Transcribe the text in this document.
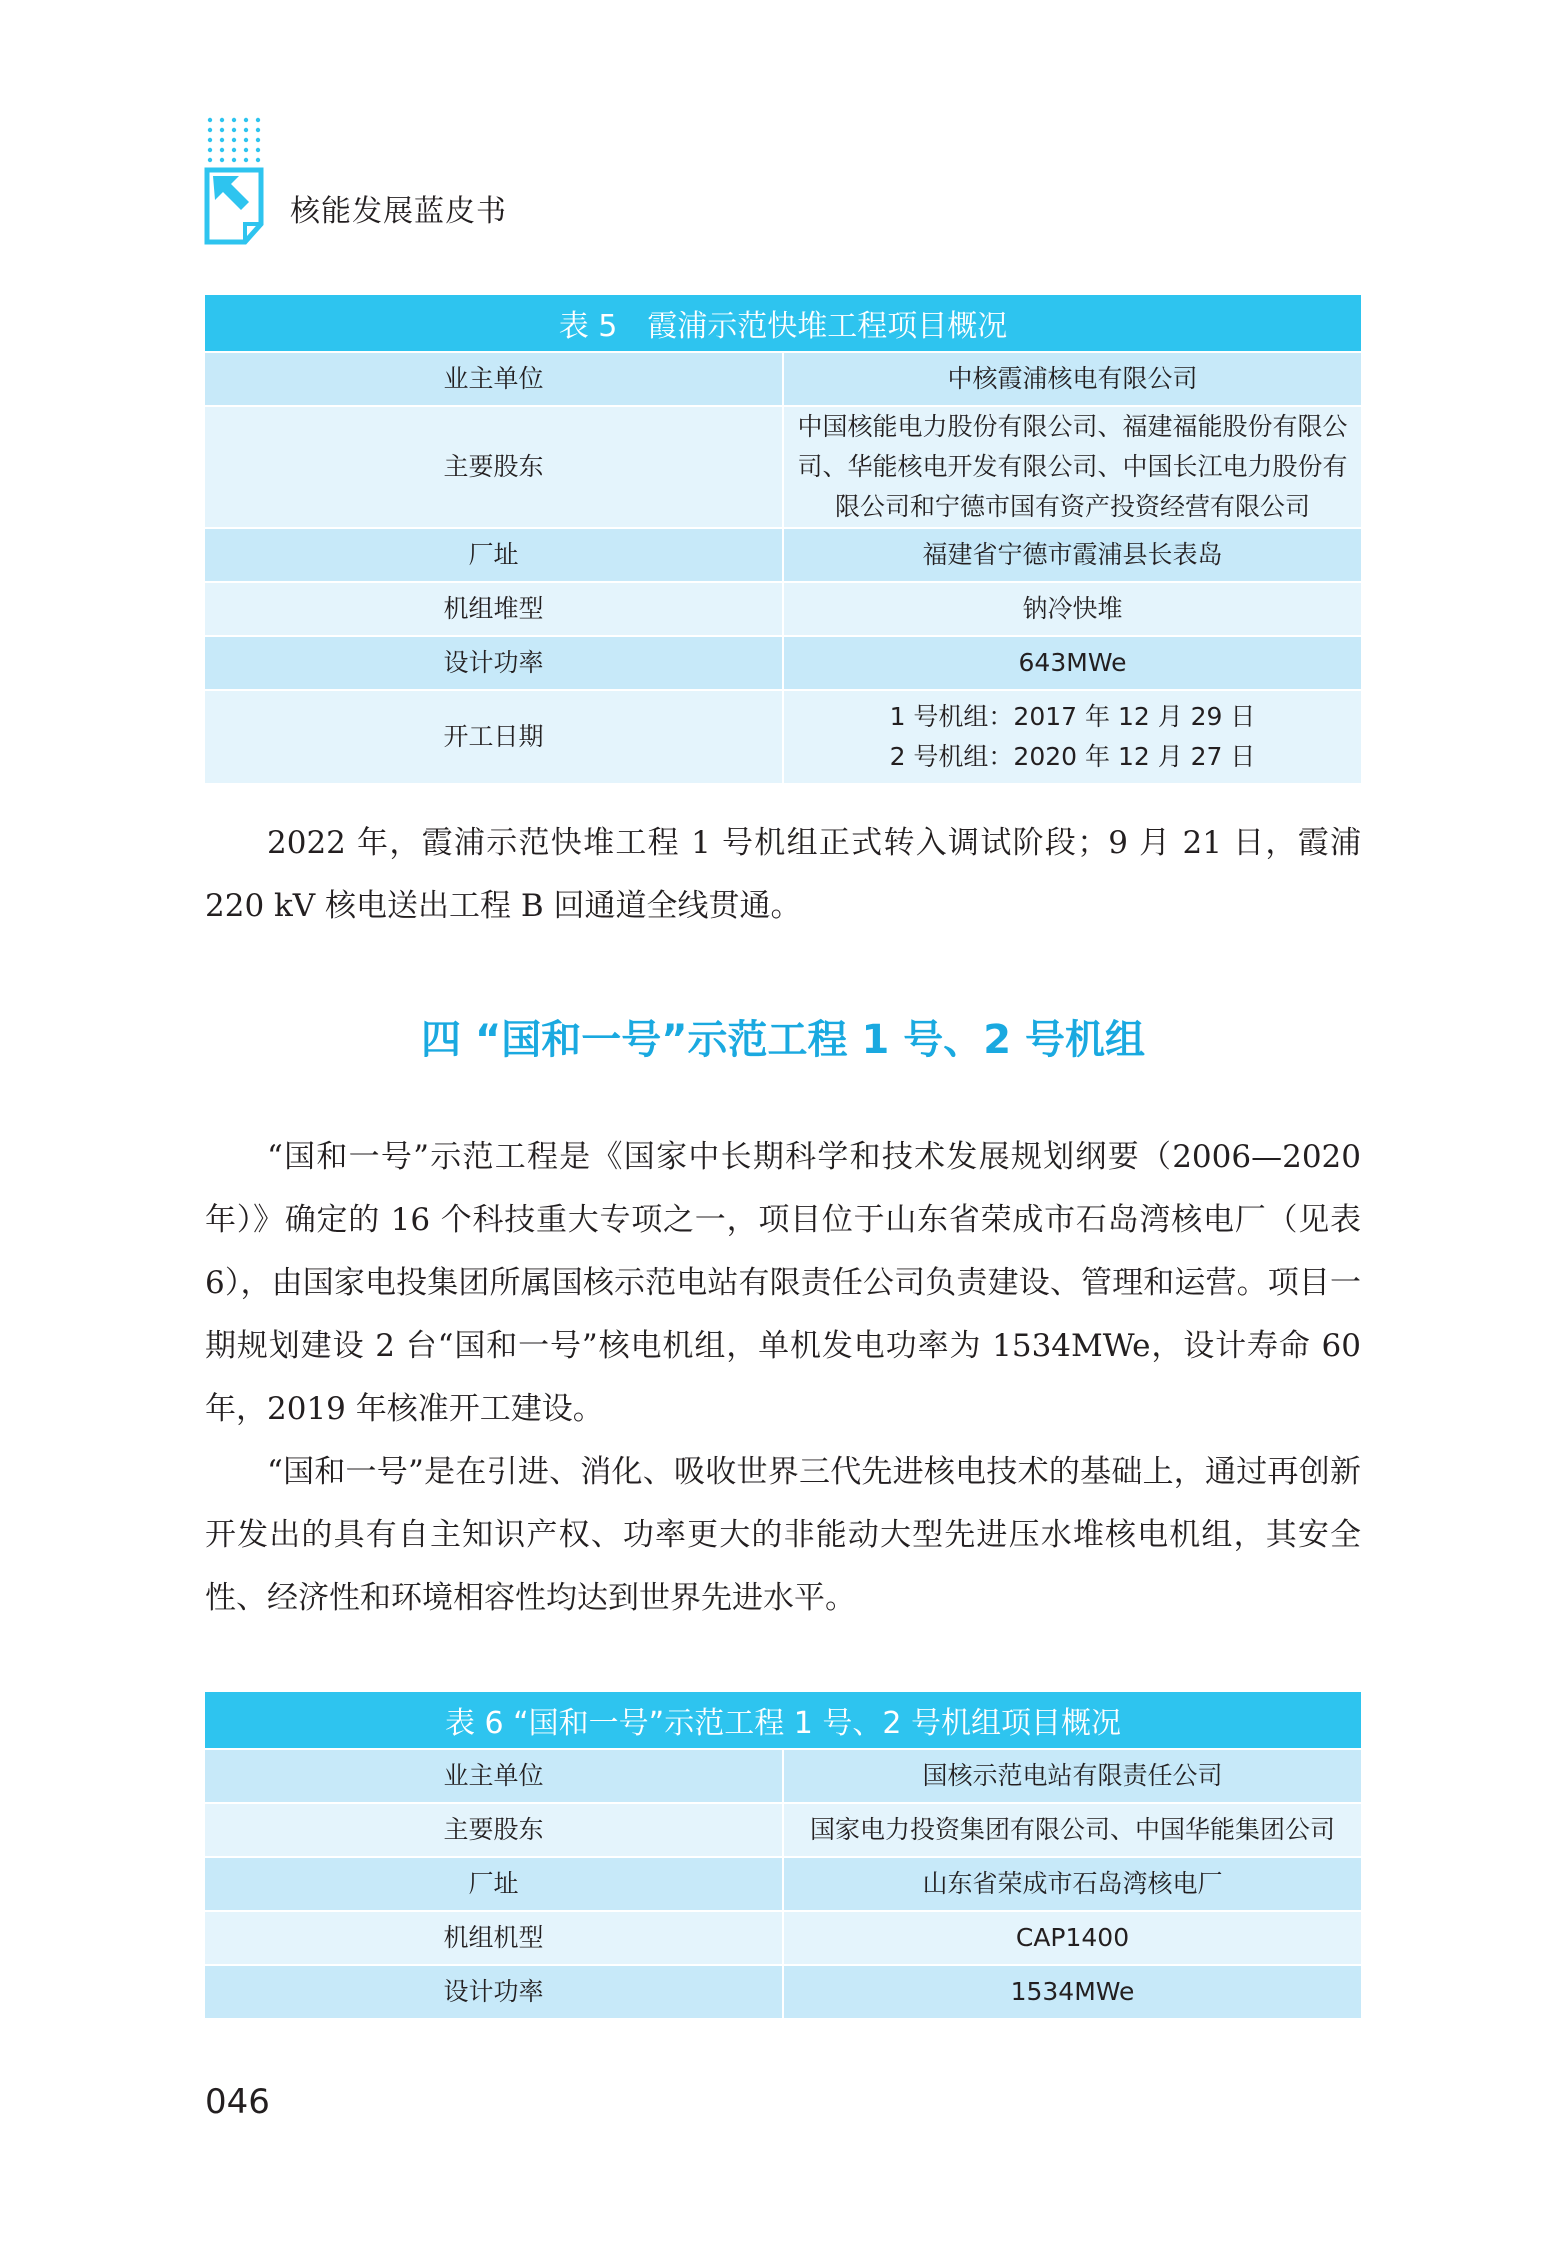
核能发展蓝皮书
表 5　霞浦示范快堆工程项目概况	
业主单位	中核霞浦核电有限公司
主要股东	中国核能电力股份有限公司、福建福能股份有限公司、华能核电开发有限公司、中国长江电力股份有限公司和宁德市国有资产投资经营有限公司
厂址	福建省宁德市霞浦县长表岛
机组堆型	钠冷快堆
设计功率	643MWe
开工日期	1 号机组：2017 年 12 月 29 日
2 号机组：2020 年 12 月 27 日

2022 年，霞浦示范快堆工程 1 号机组正式转入调试阶段；9 月 21 日，霞浦 220 kV 核电送出工程 B 回通道全线贯通。

四 “国和一号”示范工程 1 号、2 号机组

“国和一号”示范工程是《国家中长期科学和技术发展规划纲要（2006—2020 年）》确定的 16 个科技重大专项之一，项目位于山东省荣成市石岛湾核电厂（见表 6），由国家电投集团所属国核示范电站有限责任公司负责建设、管理和运营。项目一期规划建设 2 台“国和一号”核电机组，单机发电功率为 1534MWe，设计寿命 60 年，2019 年核准开工建设。

“国和一号”是在引进、消化、吸收世界三代先进核电技术的基础上，通过再创新开发出的具有自主知识产权、功率更大的非能动大型先进压水堆核电机组，其安全性、经济性和环境相容性均达到世界先进水平。

表 6 “国和一号”示范工程 1 号、2 号机组项目概况	
业主单位	国核示范电站有限责任公司
主要股东	国家电力投资集团有限公司、中国华能集团公司
厂址	山东省荣成市石岛湾核电厂
机组机型	CAP1400
设计功率	1534MWe
046
